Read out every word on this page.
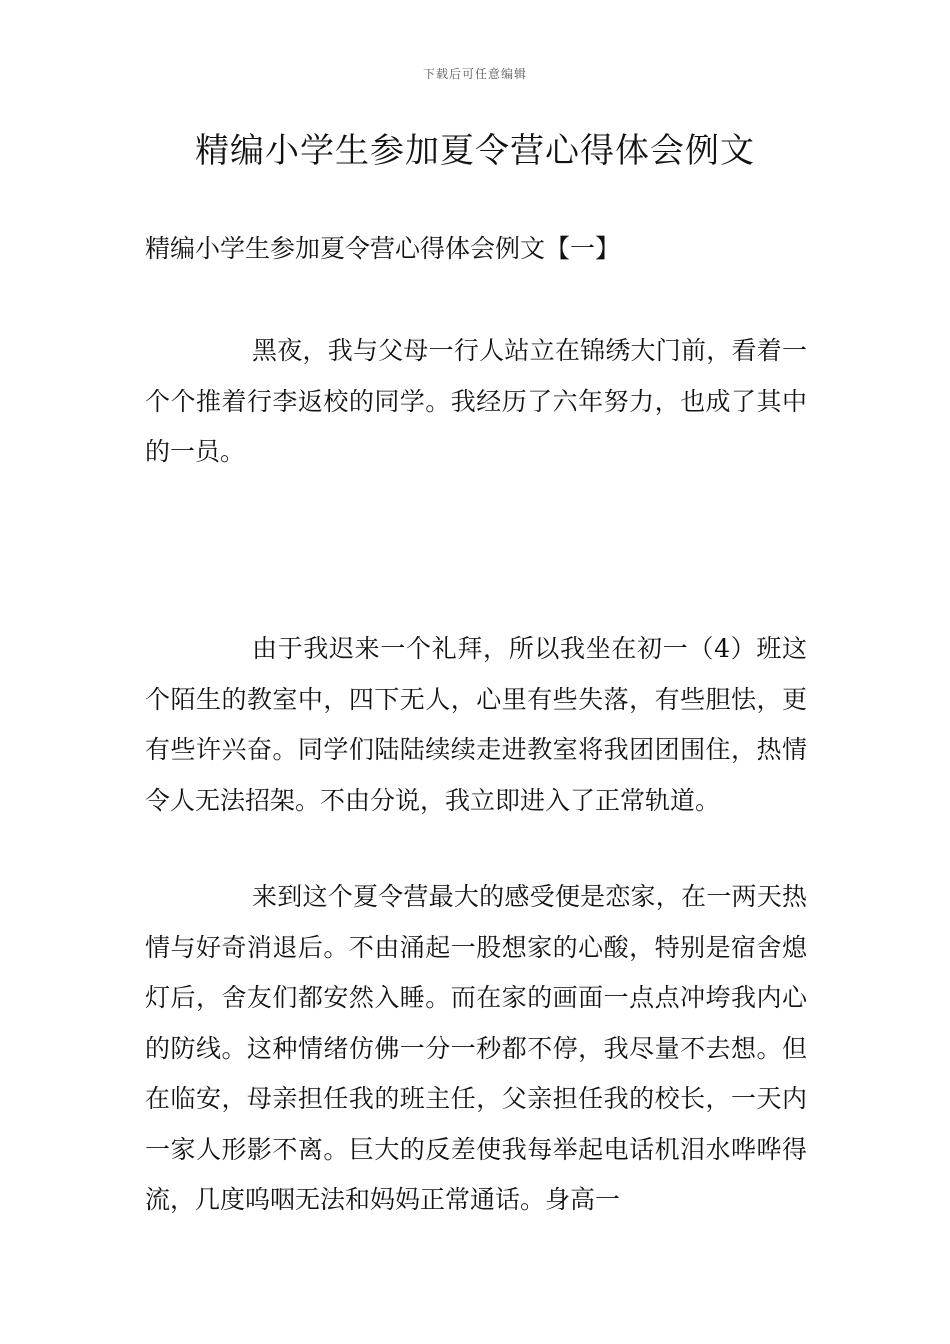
下载后可任意编辑
精编小学生参加夏令营心得体会例文
精编小学生参加夏令营心得体会例文【一】

黑夜，我与父母一行人站立在锦绣大门前，看着一个个推着行李返校的同学。我经历了六年努力，也成了其中的一员。

由于我迟来一个礼拜，所以我坐在初一（4）班这个陌生的教室中，四下无人，心里有些失落，有些胆怯，更有些许兴奋。同学们陆陆续续走进教室将我团团围住，热情令人无法招架。不由分说，我立即进入了正常轨道。

来到这个夏令营最大的感受便是恋家，在一两天热情与好奇消退后。不由涌起一股想家的心酸，特别是宿舍熄灯后，舍友们都安然入睡。而在家的画面一点点冲垮我内心的防线。这种情绪仿佛一分一秒都不停，我尽量不去想。但在临安，母亲担任我的班主任，父亲担任我的校长，一天内一家人形影不离。巨大的反差使我每举起电话机泪水哗哗得流，几度呜咽无法和妈妈正常通话。身高一
